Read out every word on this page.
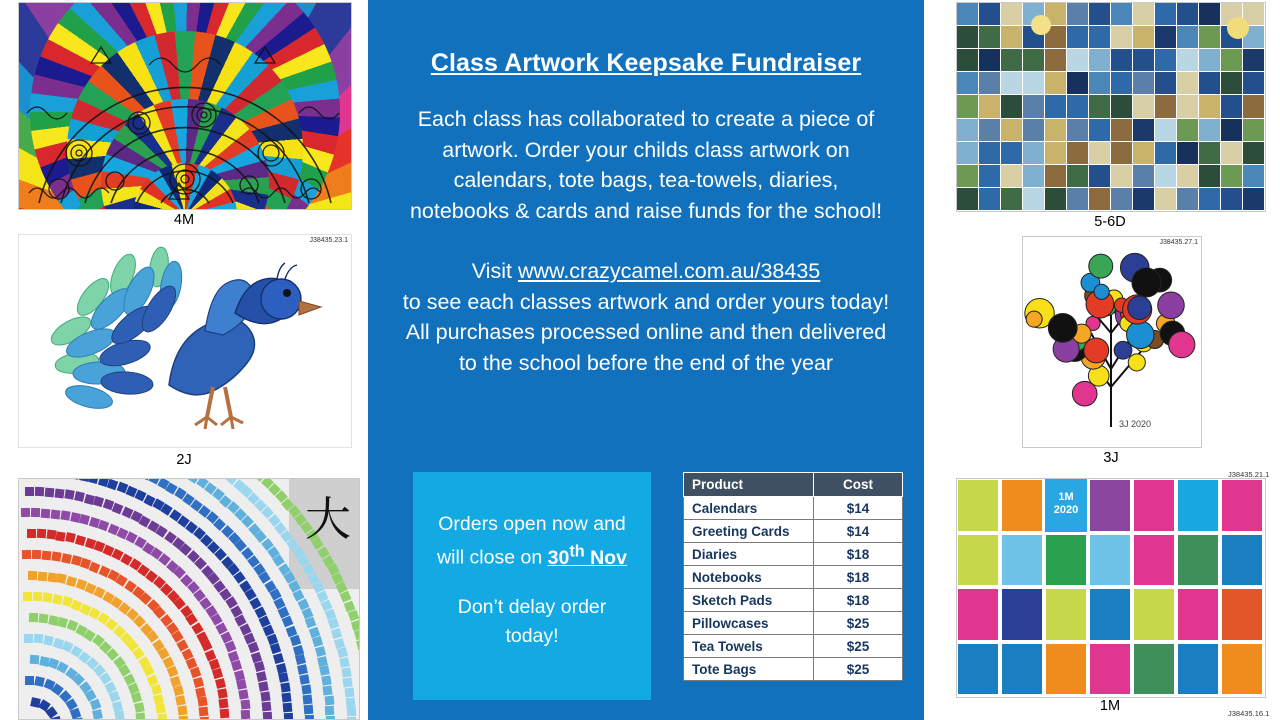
4M
J38435.23.1
2J
大
Class Artwork Keepsake Fundraiser

Each class has collaborated to create a piece of artwork. Order your childs class artwork on calendars, tote bags, tea-towels, diaries, notebooks & cards and raise funds for the school!

Visit www.crazycamel.com.au/38435
to see each classes artwork and order yours today! All purchases processed online and then delivered to the school before the end of the year

Orders open now and
will close on 30th Nov
Don’t delay order
today!
Product	Cost
Calendars	$14
Greeting Cards	$14
Diaries	$18
Notebooks	$18
Sketch Pads	$18
Pillowcases	$25
Tea Towels	$25
Tote Bags	$25
5-6D
J38435.27.1
3J 2020
3J
1M
2020
J38435.21.1
1M	J38435.16.1
